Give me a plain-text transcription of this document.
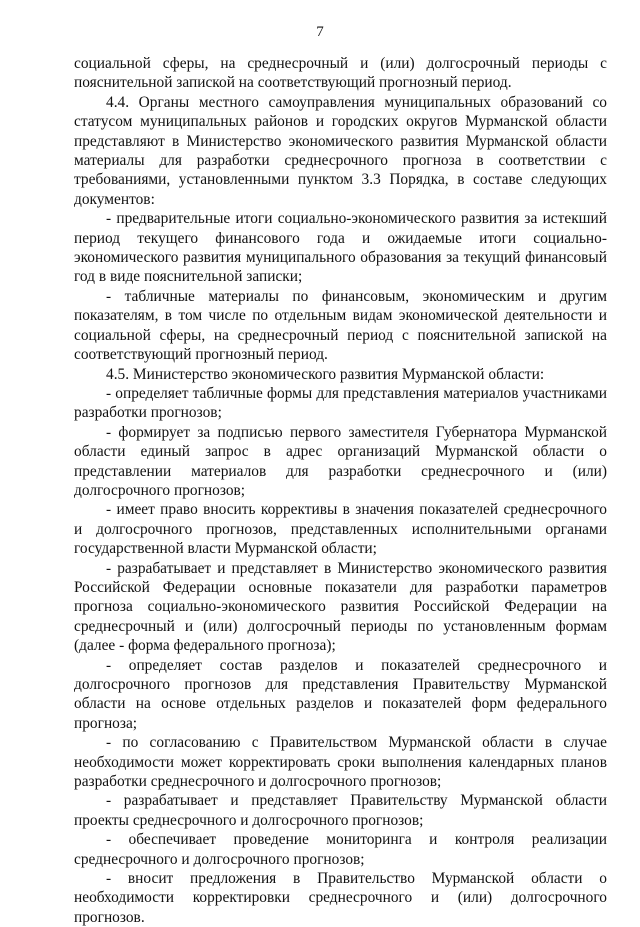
7

социальной сферы, на среднесрочный и (или) долгосрочный периоды с пояснительной запиской на соответствующий прогнозный период.

4.4. Органы местного самоуправления муниципальных образований со статусом муниципальных районов и городских округов Мурманской области представляют в Министерство экономического развития Мурманской области материалы для разработки среднесрочного прогноза в соответствии с требованиями, установленными пунктом 3.3 Порядка, в составе следующих документов:

- предварительные итоги социально-экономического развития за истекший период текущего финансового года и ожидаемые итоги социально-экономического развития муниципального образования за текущий финансовый год в виде пояснительной записки;

- табличные материалы по финансовым, экономическим и другим показателям, в том числе по отдельным видам экономической деятельности и социальной сферы, на среднесрочный период с пояснительной запиской на соответствующий прогнозный период.

4.5. Министерство экономического развития Мурманской области:

- определяет табличные формы для представления материалов участниками разработки прогнозов;

- формирует за подписью первого заместителя Губернатора Мурманской области единый запрос в адрес организаций Мурманской области о представлении материалов для разработки среднесрочного и (или) долгосрочного прогнозов;

- имеет право вносить коррективы в значения показателей среднесрочного и долгосрочного прогнозов, представленных исполнительными органами государственной власти Мурманской области;

- разрабатывает и представляет в Министерство экономического развития Российской Федерации основные показатели для разработки параметров прогноза социально-экономического развития Российской Федерации на среднесрочный и (или) долгосрочный периоды по установленным формам (далее - форма федерального прогноза);

- определяет состав разделов и показателей среднесрочного и долгосрочного прогнозов для представления Правительству Мурманской области на основе отдельных разделов и показателей форм федерального прогноза;

- по согласованию с Правительством Мурманской области в случае необходимости может корректировать сроки выполнения календарных планов разработки среднесрочного и долгосрочного прогнозов;

- разрабатывает и представляет Правительству Мурманской области проекты среднесрочного и долгосрочного прогнозов;

- обеспечивает проведение мониторинга и контроля реализации среднесрочного и долгосрочного прогнозов;

- вносит предложения в Правительство Мурманской области о необходимости корректировки среднесрочного и (или) долгосрочного прогнозов.
